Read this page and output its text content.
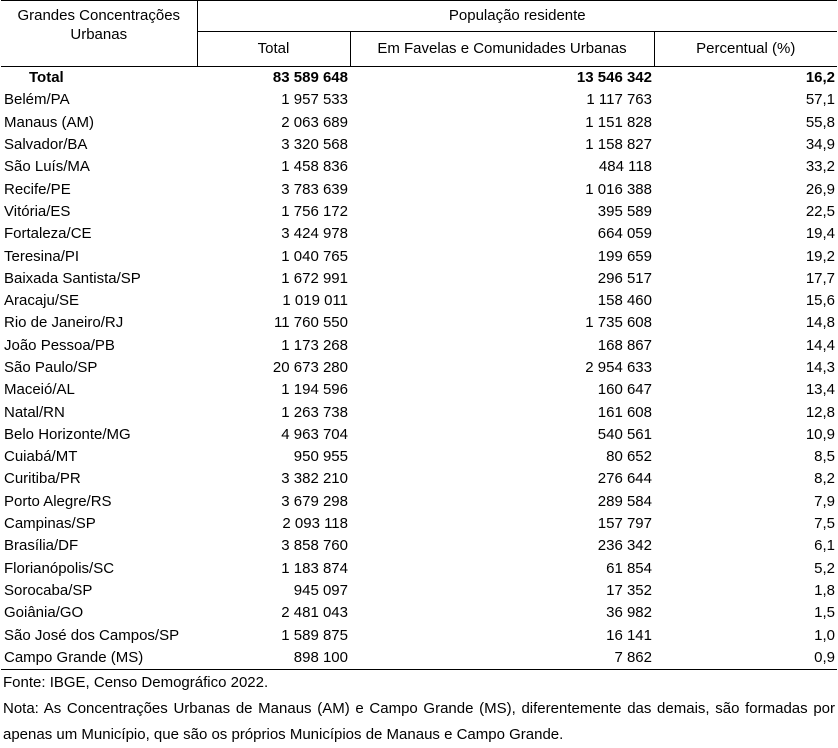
Grandes Concentrações Urbanas	População residente		
	Total	Em Favelas e Comunidades Urbanas	Percentual (%)
Total	83 589 648	13 546 342	16,2
Belém/PA	1 957 533	1 117 763	57,1
Manaus (AM)	2 063 689	1 151 828	55,8
Salvador/BA	3 320 568	1 158 827	34,9
São Luís/MA	1 458 836	484 118	33,2
Recife/PE	3 783 639	1 016 388	26,9
Vitória/ES	1 756 172	395 589	22,5
Fortaleza/CE	3 424 978	664 059	19,4
Teresina/PI	1 040 765	199 659	19,2
Baixada Santista/SP	1 672 991	296 517	17,7
Aracaju/SE	1 019 011	158 460	15,6
Rio de Janeiro/RJ	11 760 550	1 735 608	14,8
João Pessoa/PB	1 173 268	168 867	14,4
São Paulo/SP	20 673 280	2 954 633	14,3
Maceió/AL	1 194 596	160 647	13,4
Natal/RN	1 263 738	161 608	12,8
Belo Horizonte/MG	4 963 704	540 561	10,9
Cuiabá/MT	950 955	80 652	8,5
Curitiba/PR	3 382 210	276 644	8,2
Porto Alegre/RS	3 679 298	289 584	7,9
Campinas/SP	2 093 118	157 797	7,5
Brasília/DF	3 858 760	236 342	6,1
Florianópolis/SC	1 183 874	61 854	5,2
Sorocaba/SP	945 097	17 352	1,8
Goiânia/GO	2 481 043	36 982	1,5
São José dos Campos/SP	1 589 875	16 141	1,0
Campo Grande (MS)	898 100	7 862	0,9

Fonte: IBGE, Censo Demográfico 2022.

Nota: As Concentrações Urbanas de Manaus (AM) e Campo Grande (MS), diferentemente das demais, são formadas por apenas um Município, que são os próprios Municípios de Manaus e Campo Grande.
